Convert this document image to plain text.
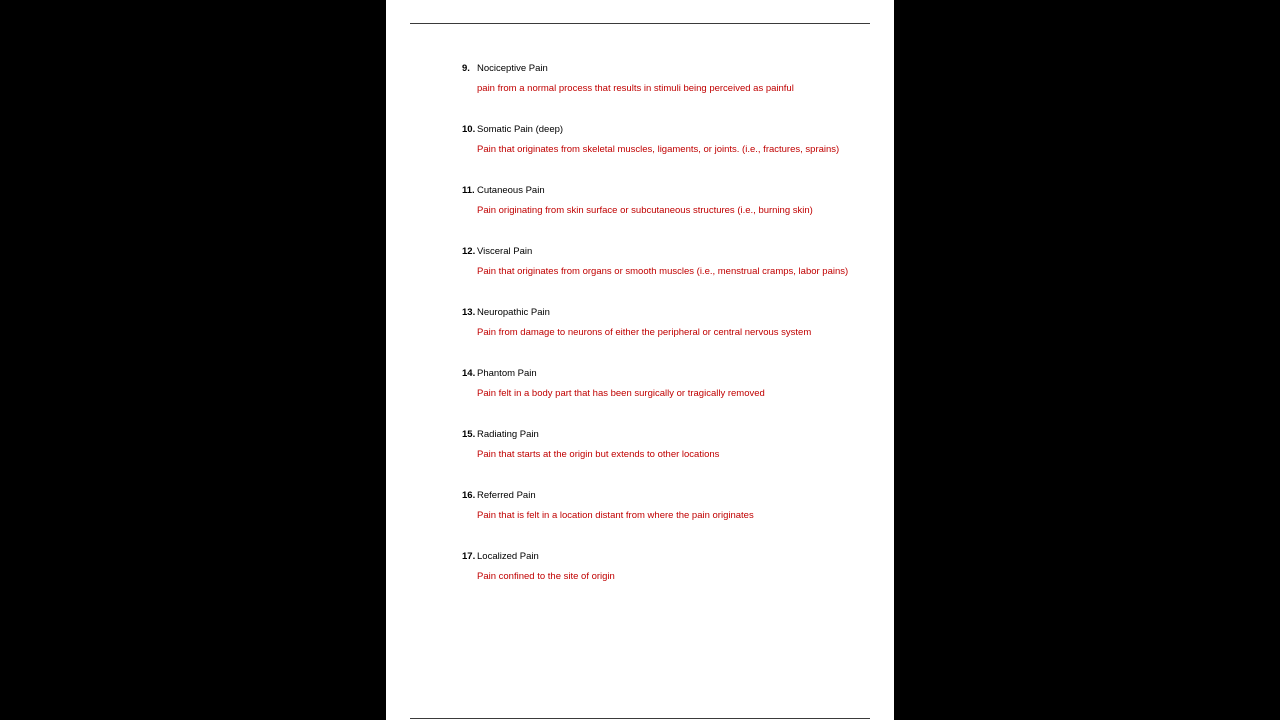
9. Nociceptive Pain
pain from a normal process that results in stimuli being perceived as painful
10. Somatic Pain (deep)
Pain that originates from skeletal muscles, ligaments, or joints. (i.e., fractures, sprains)
11. Cutaneous Pain
Pain originating from skin surface or subcutaneous structures (i.e., burning skin)
12. Visceral Pain
Pain that originates from organs or smooth muscles (i.e., menstrual cramps, labor pains)
13. Neuropathic Pain
Pain from damage to neurons of either the peripheral or central nervous system
14. Phantom Pain
Pain felt in a body part that has been surgically or tragically removed
15. Radiating Pain
Pain that starts at the origin but extends to other locations
16. Referred Pain
Pain that is felt in a location distant from where the pain originates
17. Localized Pain
Pain confined to the site of origin
